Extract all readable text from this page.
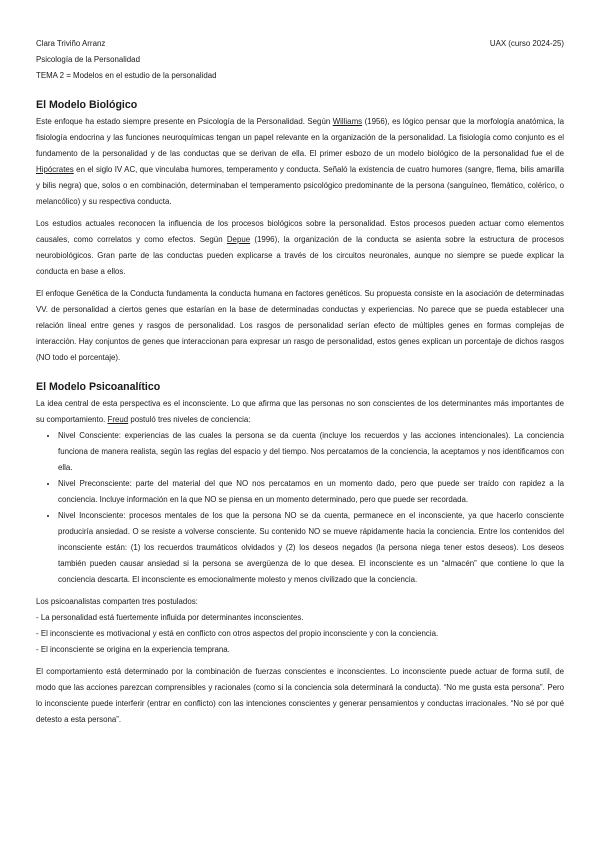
Clara Triviño Arranz	UAX (curso 2024-25)

Psicología de la Personalidad

TEMA 2 = Modelos en el estudio de la personalidad

El Modelo Biológico

Este enfoque ha estado siempre presente en Psicología de la Personalidad. Según Williams (1956), es lógico pensar que la morfología anatómica, la fisiología endocrina y las funciones neuroquímicas tengan un papel relevante en la organización de la personalidad. La fisiología como conjunto es el fundamento de la personalidad y de las conductas que se derivan de ella. El primer esbozo de un modelo biológico de la personalidad fue el de Hipócrates en el siglo IV AC, que vinculaba humores, temperamento y conducta. Señaló la existencia de cuatro humores (sangre, flema, bilis amarilla y bilis negra) que, solos o en combinación, determinaban el temperamento psicológico predominante de la persona (sanguíneo, flemático, colérico, o melancólico) y su respectiva conducta.

Los estudios actuales reconocen la influencia de los procesos biológicos sobre la personalidad. Estos procesos pueden actuar como elementos causales, como correlatos y como efectos. Según Depue (1996), la organización de la conducta se asienta sobre la estructura de procesos neurobiológicos. Gran parte de las conductas pueden explicarse a través de los circuitos neuronales, aunque no siempre se puede explicar la conducta en base a ellos.

El enfoque Genética de la Conducta fundamenta la conducta humana en factores genéticos. Su propuesta consiste en la asociación de determinadas VV. de personalidad a ciertos genes que estarían en la base de determinadas conductas y experiencias. No parece que se pueda establecer una relación lineal entre genes y rasgos de personalidad. Los rasgos de personalidad serían efecto de múltiples genes en formas complejas de interacción. Hay conjuntos de genes que interaccionan para expresar un rasgo de personalidad, estos genes explican un porcentaje de dichos rasgos (NO todo el porcentaje).

El Modelo Psicoanalítico

La idea central de esta perspectiva es el inconsciente. Lo que afirma que las personas no son conscientes de los determinantes más importantes de su comportamiento. Freud postuló tres niveles de conciencia:

• Nivel Consciente: experiencias de las cuales la persona se da cuenta (incluye los recuerdos y las acciones intencionales). La conciencia funciona de manera realista, según las reglas del espacio y del tiempo. Nos percatamos de la conciencia, la aceptamos y nos identificamos con ella.
• Nivel Preconsciente: parte del material del que NO nos percatamos en un momento dado, pero que puede ser traído con rapidez a la conciencia. Incluye información en la que NO se piensa en un momento determinado, pero que puede ser recordada.
• Nivel Inconsciente: procesos mentales de los que la persona NO se da cuenta, permanece en el inconsciente, ya que hacerlo consciente produciría ansiedad. O se resiste a volverse consciente. Su contenido NO se mueve rápidamente hacia la conciencia. Entre los contenidos del inconsciente están: (1) los recuerdos traumáticos olvidados y (2) los deseos negados (la persona niega tener estos deseos). Los deseos también pueden causar ansiedad si la persona se avergüenza de lo que desea. El inconsciente es un “almacén” que contiene lo que la conciencia descarta. El inconsciente es emocionalmente molesto y menos civilizado que la conciencia.

Los psicoanalistas comparten tres postulados:

- La personalidad está fuertemente influida por determinantes inconscientes.

- El inconsciente es motivacional y está en conflicto con otros aspectos del propio inconsciente y con la conciencia.

- El inconsciente se origina en la experiencia temprana.

El comportamiento está determinado por la combinación de fuerzas conscientes e inconscientes. Lo inconsciente puede actuar de forma sutil, de modo que las acciones parezcan comprensibles y racionales (como si la conciencia sola determinará la conducta). “No me gusta esta persona”. Pero lo inconsciente puede interferir (entrar en conflicto) con las intenciones conscientes y generar pensamientos y conductas irracionales. “No sé por qué detesto a esta persona”.
